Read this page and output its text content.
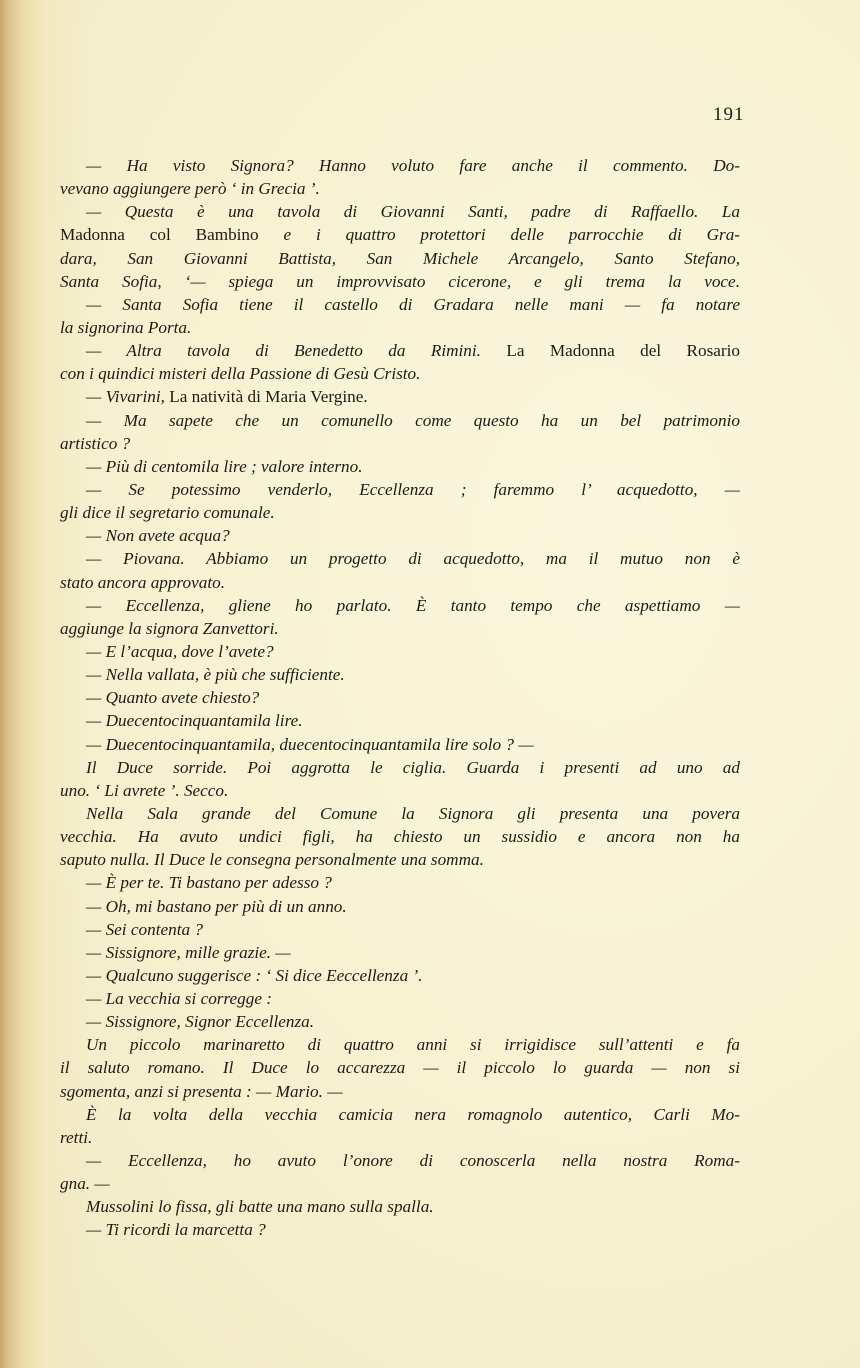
191
— Ha visto Signora? Hanno voluto fare anche il commento. Do-
vevano aggiungere però ‘ in Grecia ’.
— Questa è una tavola di Giovanni Santi, padre di Raffaello. La
Madonna col Bambino e i quattro protettori delle parrocchie di Gra-
dara, San Giovanni Battista, San Michele Arcangelo, Santo Stefano,
Santa Sofia, ‘— spiega un improvvisato cicerone, e gli trema la voce.
— Santa Sofia tiene il castello di Gradara nelle mani — fa notare
la signorina Porta.
— Altra tavola di Benedetto da Rimini. La Madonna del Rosario
con i quindici misteri della Passione di Gesù Cristo.
— Vivarini, La natività di Maria Vergine.
— Ma sapete che un comunello come questo ha un bel patrimonio
artistico ?
— Più di centomila lire ; valore interno.
— Se potessimo venderlo, Eccellenza ; faremmo l’ acquedotto, —
gli dice il segretario comunale.
— Non avete acqua?
— Piovana. Abbiamo un progetto di acquedotto, ma il mutuo non è
stato ancora approvato.
— Eccellenza, gliene ho parlato. È tanto tempo che aspettiamo —
aggiunge la signora Zanvettori.
— E l’acqua, dove l’avete?
— Nella vallata, è più che sufficiente.
— Quanto avete chiesto?
— Duecentocinquantamila lire.
— Duecentocinquantamila, duecentocinquantamila lire solo ? —
Il Duce sorride. Poi aggrotta le ciglia. Guarda i presenti ad uno ad
uno. ‘ Li avrete ’. Secco.
Nella Sala grande del Comune la Signora gli presenta una povera
vecchia. Ha avuto undici figli, ha chiesto un sussidio e ancora non ha
saputo nulla. Il Duce le consegna personalmente una somma.
— È per te. Ti bastano per adesso ?
— Oh, mi bastano per più di un anno.
— Sei contenta ?
— Sissignore, mille grazie. —
— Qualcuno suggerisce : ‘ Si dice Eeccellenza ’.
— La vecchia si corregge :
— Sissignore, Signor Eccellenza.
Un piccolo marinaretto di quattro anni si irrigidisce sull’attenti e fa
il saluto romano. Il Duce lo accarezza — il piccolo lo guarda — non si
sgomenta, anzi si presenta : — Mario. —
È la volta della vecchia camicia nera romagnolo autentico, Carli Mo-
retti.
— Eccellenza, ho avuto l’onore di conoscerla nella nostra Roma-
gna. —
Mussolini lo fissa, gli batte una mano sulla spalla.
— Ti ricordi la marcetta ?
